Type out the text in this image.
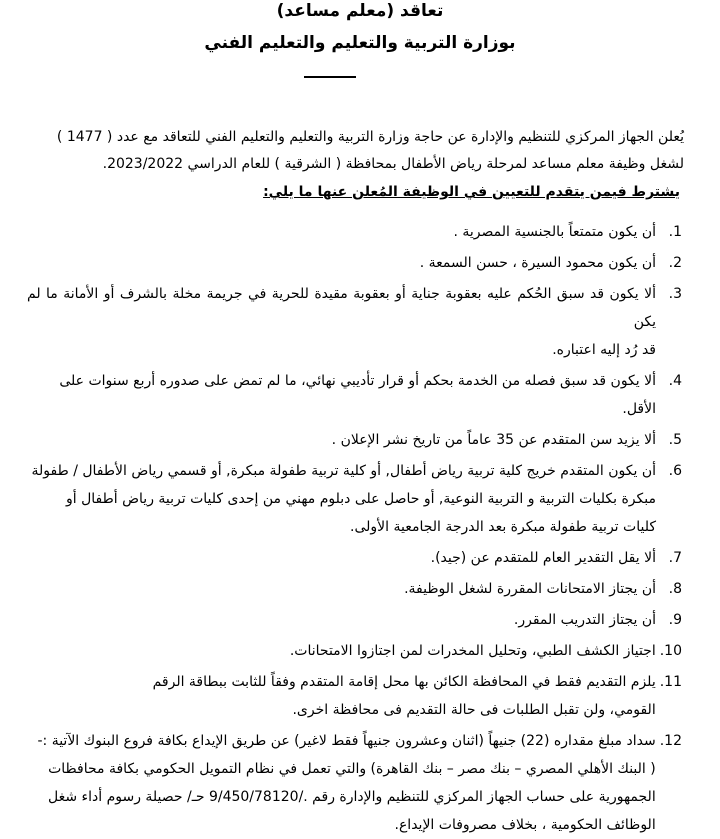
تعاقد (معلم مساعد)
بوزارة التربية والتعليم والتعليم الفني

يُعلن الجهاز المركزي للتنظيم والإدارة عن حاجة وزارة التربية والتعليم والتعليم الفني للتعاقد مع عدد ( 1477 )

لشغل وظيفة معلم مساعد لمرحلة رياض الأطفال بمحافظة ( الشرقية ) للعام الدراسي 2023/2022.

يشترط فيمن يتقدم للتعيين في الوظيفة المُعلن عنها ما يلي:
1.
أن يكون متمتعاً بالجنسية المصرية .
2.
أن يكون محمود السيرة ، حسن السمعة .
3.
ألا يكون قد سبق الحُكم عليه بعقوبة جناية أو بعقوبة مقيدة للحرية في جريمة مخلة بالشرف أو الأمانة ما لم يكن
قد رُد إليه اعتباره.
4.
ألا يكون قد سبق فصله من الخدمة بحكم أو قرار تأديبي نهائي، ما لم تمض على صدوره أربع سنوات على
الأقل.
5.
ألا يزيد سن المتقدم عن 35 عاماً من تاريخ نشر الإعلان .
6.
أن يكون المتقدم خريج كلية تربية رياض أطفال, أو كلية تربية طفولة مبكرة, أو قسمي رياض الأطفال / طفولة
مبكرة بكليات التربية و التربية النوعية, أو حاصل على دبلوم مهني من إحدى كليات تربية رياض أطفال أو
كليات تربية طفولة مبكرة بعد الدرجة الجامعية الأولى.
7.
ألا يقل التقدير العام للمتقدم عن (جيد).
8.
أن يجتاز الامتحانات المقررة لشغل الوظيفة.
9.
أن يجتاز التدريب المقرر.
10.
اجتياز الكشف الطبي، وتحليل المخدرات لمن اجتازوا الامتحانات.
11.
يلزم التقديم فقط في المحافظة الكائن بها محل إقامة المتقدم وفقاً للثابت ببطاقة الرقم
القومي، ولن تقبل الطلبات فى حالة التقديم فى محافظة اخرى.
12.
سداد مبلغ مقداره (22) جنيهاً (اثنان وعشرون جنيهاً فقط لاغير) عن طريق الإيداع بكافة فروع البنوك الآتية :-
( البنك الأهلي المصري – بنك مصر – بنك القاهرة) والتي تعمل في نظام التمويل الحكومي بكافة محافظات
الجمهورية على حساب الجهاز المركزي للتنظيم والإدارة رقم ./9/450/78120 حـ/ حصيلة رسوم أداء شغل
الوظائف الحكومية ، بخلاف مصروفات الإيداع.
